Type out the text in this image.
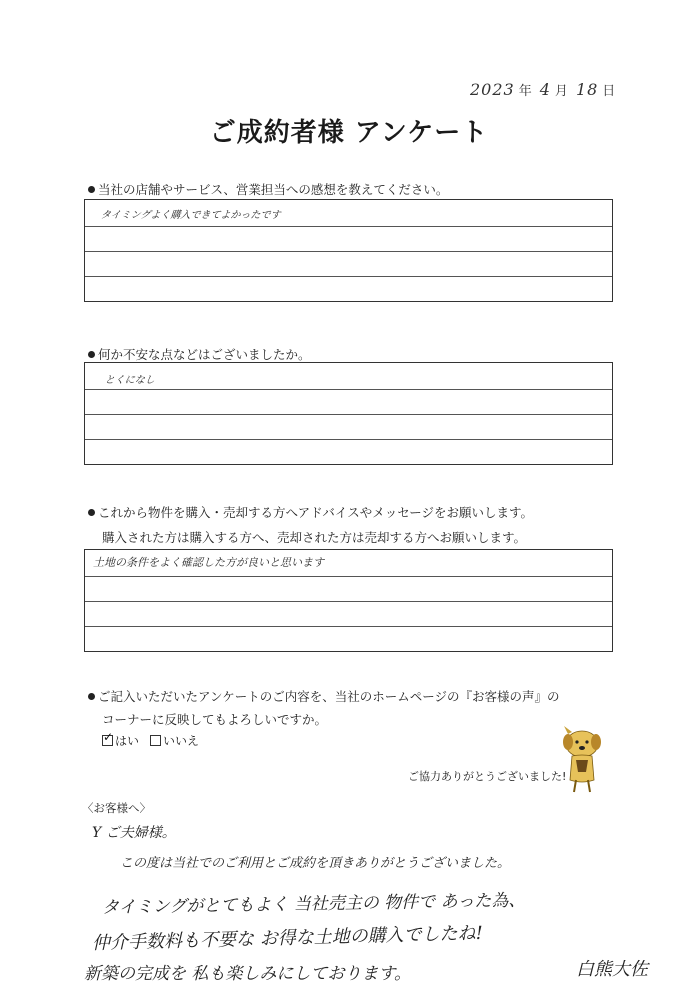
2023 年 4 月 18 日
ご成約者様 アンケート
当社の店舗やサービス、営業担当への感想を教えてください。
タイミングよく購入できてよかったです
何か不安な点などはございましたか。
とくになし
これから物件を購入・売却する方へアドバイスやメッセージをお願いします。
購入された方は購入する方へ、売却された方は売却する方へお願いします。
土地の条件をよく確認した方が良いと思います
ご記入いただいたアンケートのご内容を、当社のホームページの『お客様の声』の
コーナーに反映してもよろしいですか。
✓はい	いいえ
ご協力ありがとうございました!
〈お客様へ〉
Y ご夫婦様。
この度は当社でのご利用とご成約を頂きありがとうございました。
タイミングがとてもよく 当社売主の 物件で あった為、
仲介手数料も不要な お得な土地の購入でしたね!
新築の完成を 私も楽しみにしております。	白熊大佐
